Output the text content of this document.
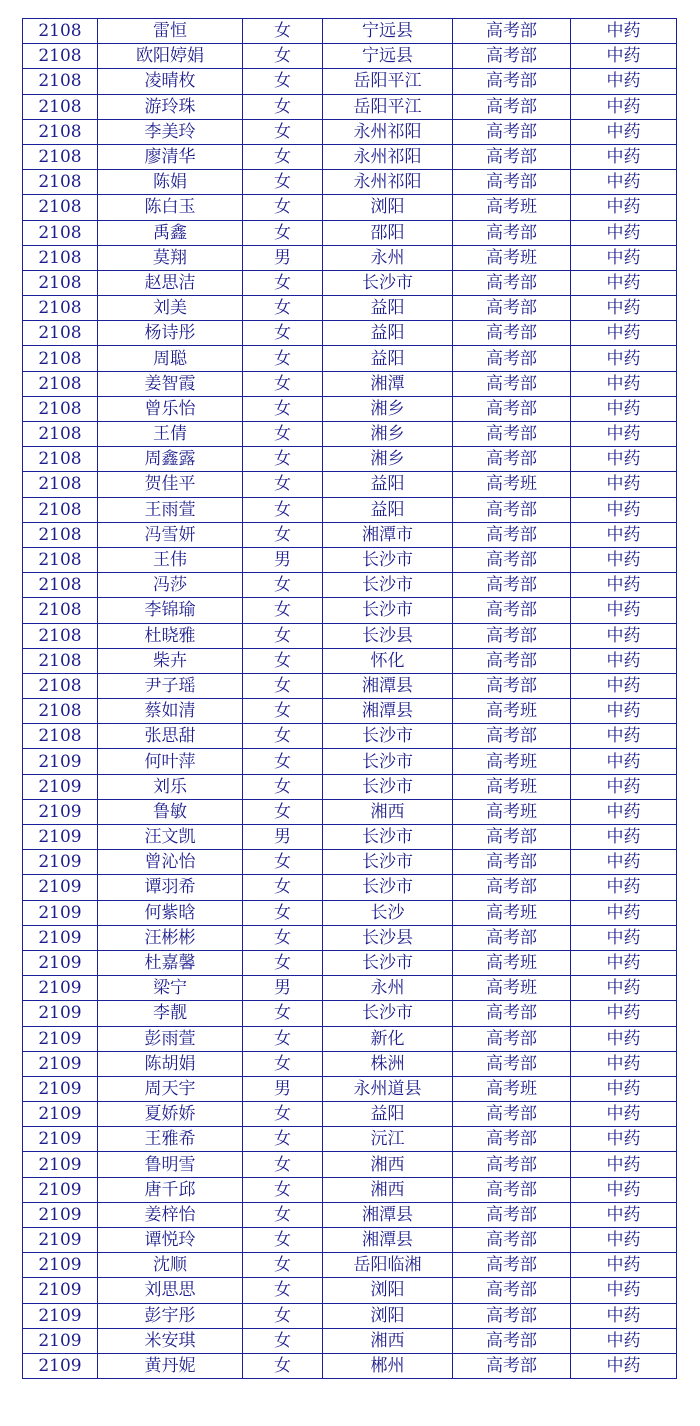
2108	雷恒	女	宁远县	高考部	中药
2108	欧阳婷娟	女	宁远县	高考部	中药
2108	凌晴枚	女	岳阳平江	高考部	中药
2108	游玲珠	女	岳阳平江	高考部	中药
2108	李美玲	女	永州祁阳	高考部	中药
2108	廖清华	女	永州祁阳	高考部	中药
2108	陈娟	女	永州祁阳	高考部	中药
2108	陈白玉	女	浏阳	高考班	中药
2108	禹鑫	女	邵阳	高考部	中药
2108	莫翔	男	永州	高考班	中药
2108	赵思洁	女	长沙市	高考部	中药
2108	刘美	女	益阳	高考部	中药
2108	杨诗彤	女	益阳	高考部	中药
2108	周聪	女	益阳	高考部	中药
2108	姜智霞	女	湘潭	高考部	中药
2108	曾乐怡	女	湘乡	高考部	中药
2108	王倩	女	湘乡	高考部	中药
2108	周鑫露	女	湘乡	高考部	中药
2108	贺佳平	女	益阳	高考班	中药
2108	王雨萱	女	益阳	高考部	中药
2108	冯雪妍	女	湘潭市	高考部	中药
2108	王伟	男	长沙市	高考部	中药
2108	冯莎	女	长沙市	高考部	中药
2108	李锦瑜	女	长沙市	高考部	中药
2108	杜晓雅	女	长沙县	高考部	中药
2108	柴卉	女	怀化	高考部	中药
2108	尹子瑶	女	湘潭县	高考部	中药
2108	蔡如清	女	湘潭县	高考班	中药
2108	张思甜	女	长沙市	高考部	中药
2109	何叶萍	女	长沙市	高考班	中药
2109	刘乐	女	长沙市	高考班	中药
2109	鲁敏	女	湘西	高考班	中药
2109	汪文凯	男	长沙市	高考部	中药
2109	曾沁怡	女	长沙市	高考部	中药
2109	谭羽希	女	长沙市	高考部	中药
2109	何紫晗	女	长沙	高考班	中药
2109	汪彬彬	女	长沙县	高考部	中药
2109	杜嘉馨	女	长沙市	高考班	中药
2109	梁宁	男	永州	高考班	中药
2109	李靓	女	长沙市	高考部	中药
2109	彭雨萱	女	新化	高考部	中药
2109	陈胡娟	女	株洲	高考部	中药
2109	周天宇	男	永州道县	高考班	中药
2109	夏娇娇	女	益阳	高考部	中药
2109	王雅希	女	沅江	高考部	中药
2109	鲁明雪	女	湘西	高考部	中药
2109	唐千邱	女	湘西	高考部	中药
2109	姜梓怡	女	湘潭县	高考部	中药
2109	谭悦玲	女	湘潭县	高考部	中药
2109	沈顺	女	岳阳临湘	高考部	中药
2109	刘思思	女	浏阳	高考部	中药
2109	彭宇彤	女	浏阳	高考部	中药
2109	米安琪	女	湘西	高考部	中药
2109	黄丹妮	女	郴州	高考部	中药
